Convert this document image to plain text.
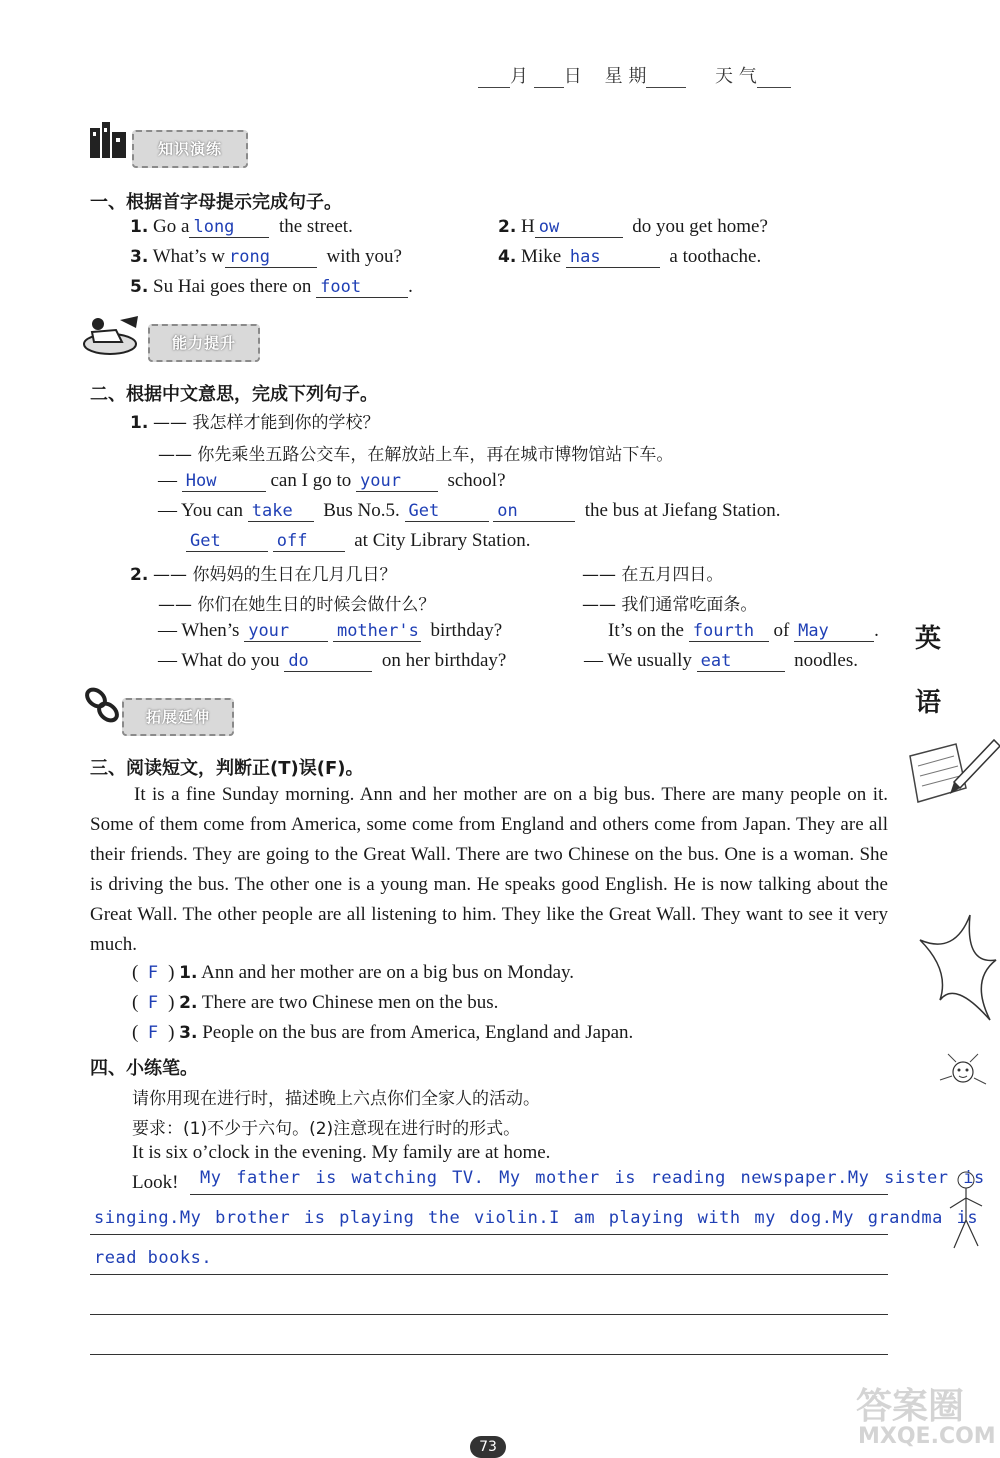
月 日 星 期	天 气
知识演练
一、根据首字母提示完成句子。
1. Go a long the street.	2. H ow	do you get home?
3. What’s w rong	with you?	4. Mike has	a toothache.
5. Su Hai goes there on foot .
能力提升
二、根据中文意思，完成下列句子。
1. —— 我怎样才能到你的学校？
—— 你先乘坐五路公交车，在解放站上车，再在城市博物馆站下车。
— How	can I go to your school?
— You can take Bus No.5. Get	on	the bus at Jiefang Station.
Get	off at City Library Station.
2. —— 你妈妈的生日在几月几日？	—— 在五月四日。
—— 你们在她生日的时候会做什么？	—— 我们通常吃面条。
— When’s your	mother's birthday?	It’s on the fourth of May .
— What do you do	on her birthday?	— We usually eat	noodles.
拓展延伸
三、阅读短文，判断正(T)误(F)。
It is a fine Sunday morning. Ann and her mother are on a big bus. There are many people on it. Some of them come from America, some come from England and others come from Japan. They are all their friends. They are going to the Great Wall. There are two Chinese on the bus. One is a woman. She is driving the bus. The other one is a young man. He speaks good English. He is now talking about the Great Wall. The other people are all listening to him. They like the Great Wall. They want to see it very much.
(  F  ) 1. Ann and her mother are on a big bus on Monday.
(  F  ) 2. There are two Chinese men on the bus.
(  F  ) 3. People on the bus are from America, England and Japan.
四、小练笔。
请你用现在进行时，描述晚上六点你们全家人的活动。
要求：(1)不少于六句。(2)注意现在进行时的形式。
It is six o’clock in the evening. My family are at home.
Look! My father is watching TV. My mother is reading newspaper.My sister is
singing.My brother is playing the violin.I am playing with my dog.My grandma is
read books.
英
语
73
答案圈
MXQE.COM
